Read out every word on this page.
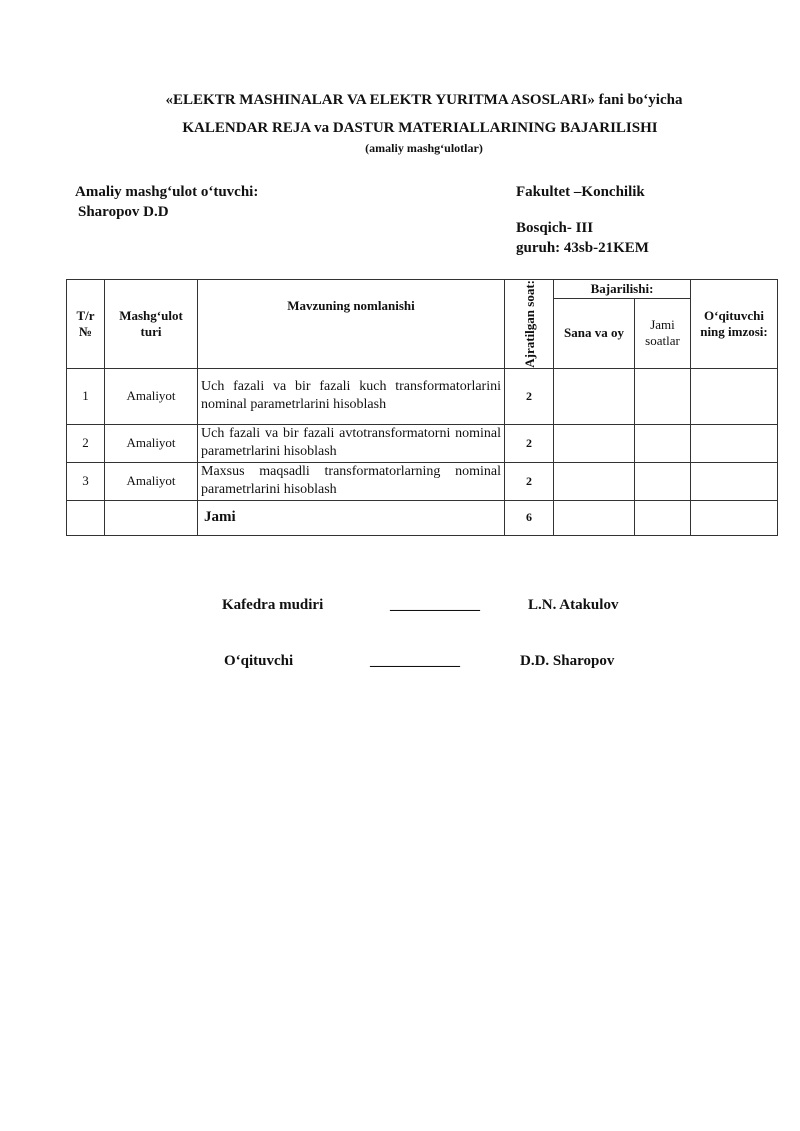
«ELEKTR MASHINALAR VA ELEKTR YURITMA ASOSLARI» fani bo‘yicha
KALENDAR REJA va DASTUR MATERIALLARINING BAJARILISHI
(amaliy mashg‘ulotlar)
Amaliy mashg‘ulot o‘tuvchi:
Sharopov D.D
Fakultet –Konchilik
Bosqich- III
guruh: 43sb-21KEM
T/r №	Mashg‘ulot turi	Mavzuning nomlanishi	Ajratilgan soat:	Bajarilishi:		O‘qituvchi ning imzosi:
				Sana va oy	Jami soatlar	
1	Amaliyot	Uch fazali va bir fazali kuch transformatorlarini nominal parametrlarini hisoblash	2			
2	Amaliyot	Uch fazali va bir fazali avtotransformatorni nominal parametrlarini hisoblash	2			
3	Amaliyot	Maxsus maqsadli transformatorlarning nominal parametrlarini hisoblash	2			
		Jami	6			
Kafedra mudiri	____________	L.N. Atakulov
O‘qituvchi	____________	D.D. Sharopov
